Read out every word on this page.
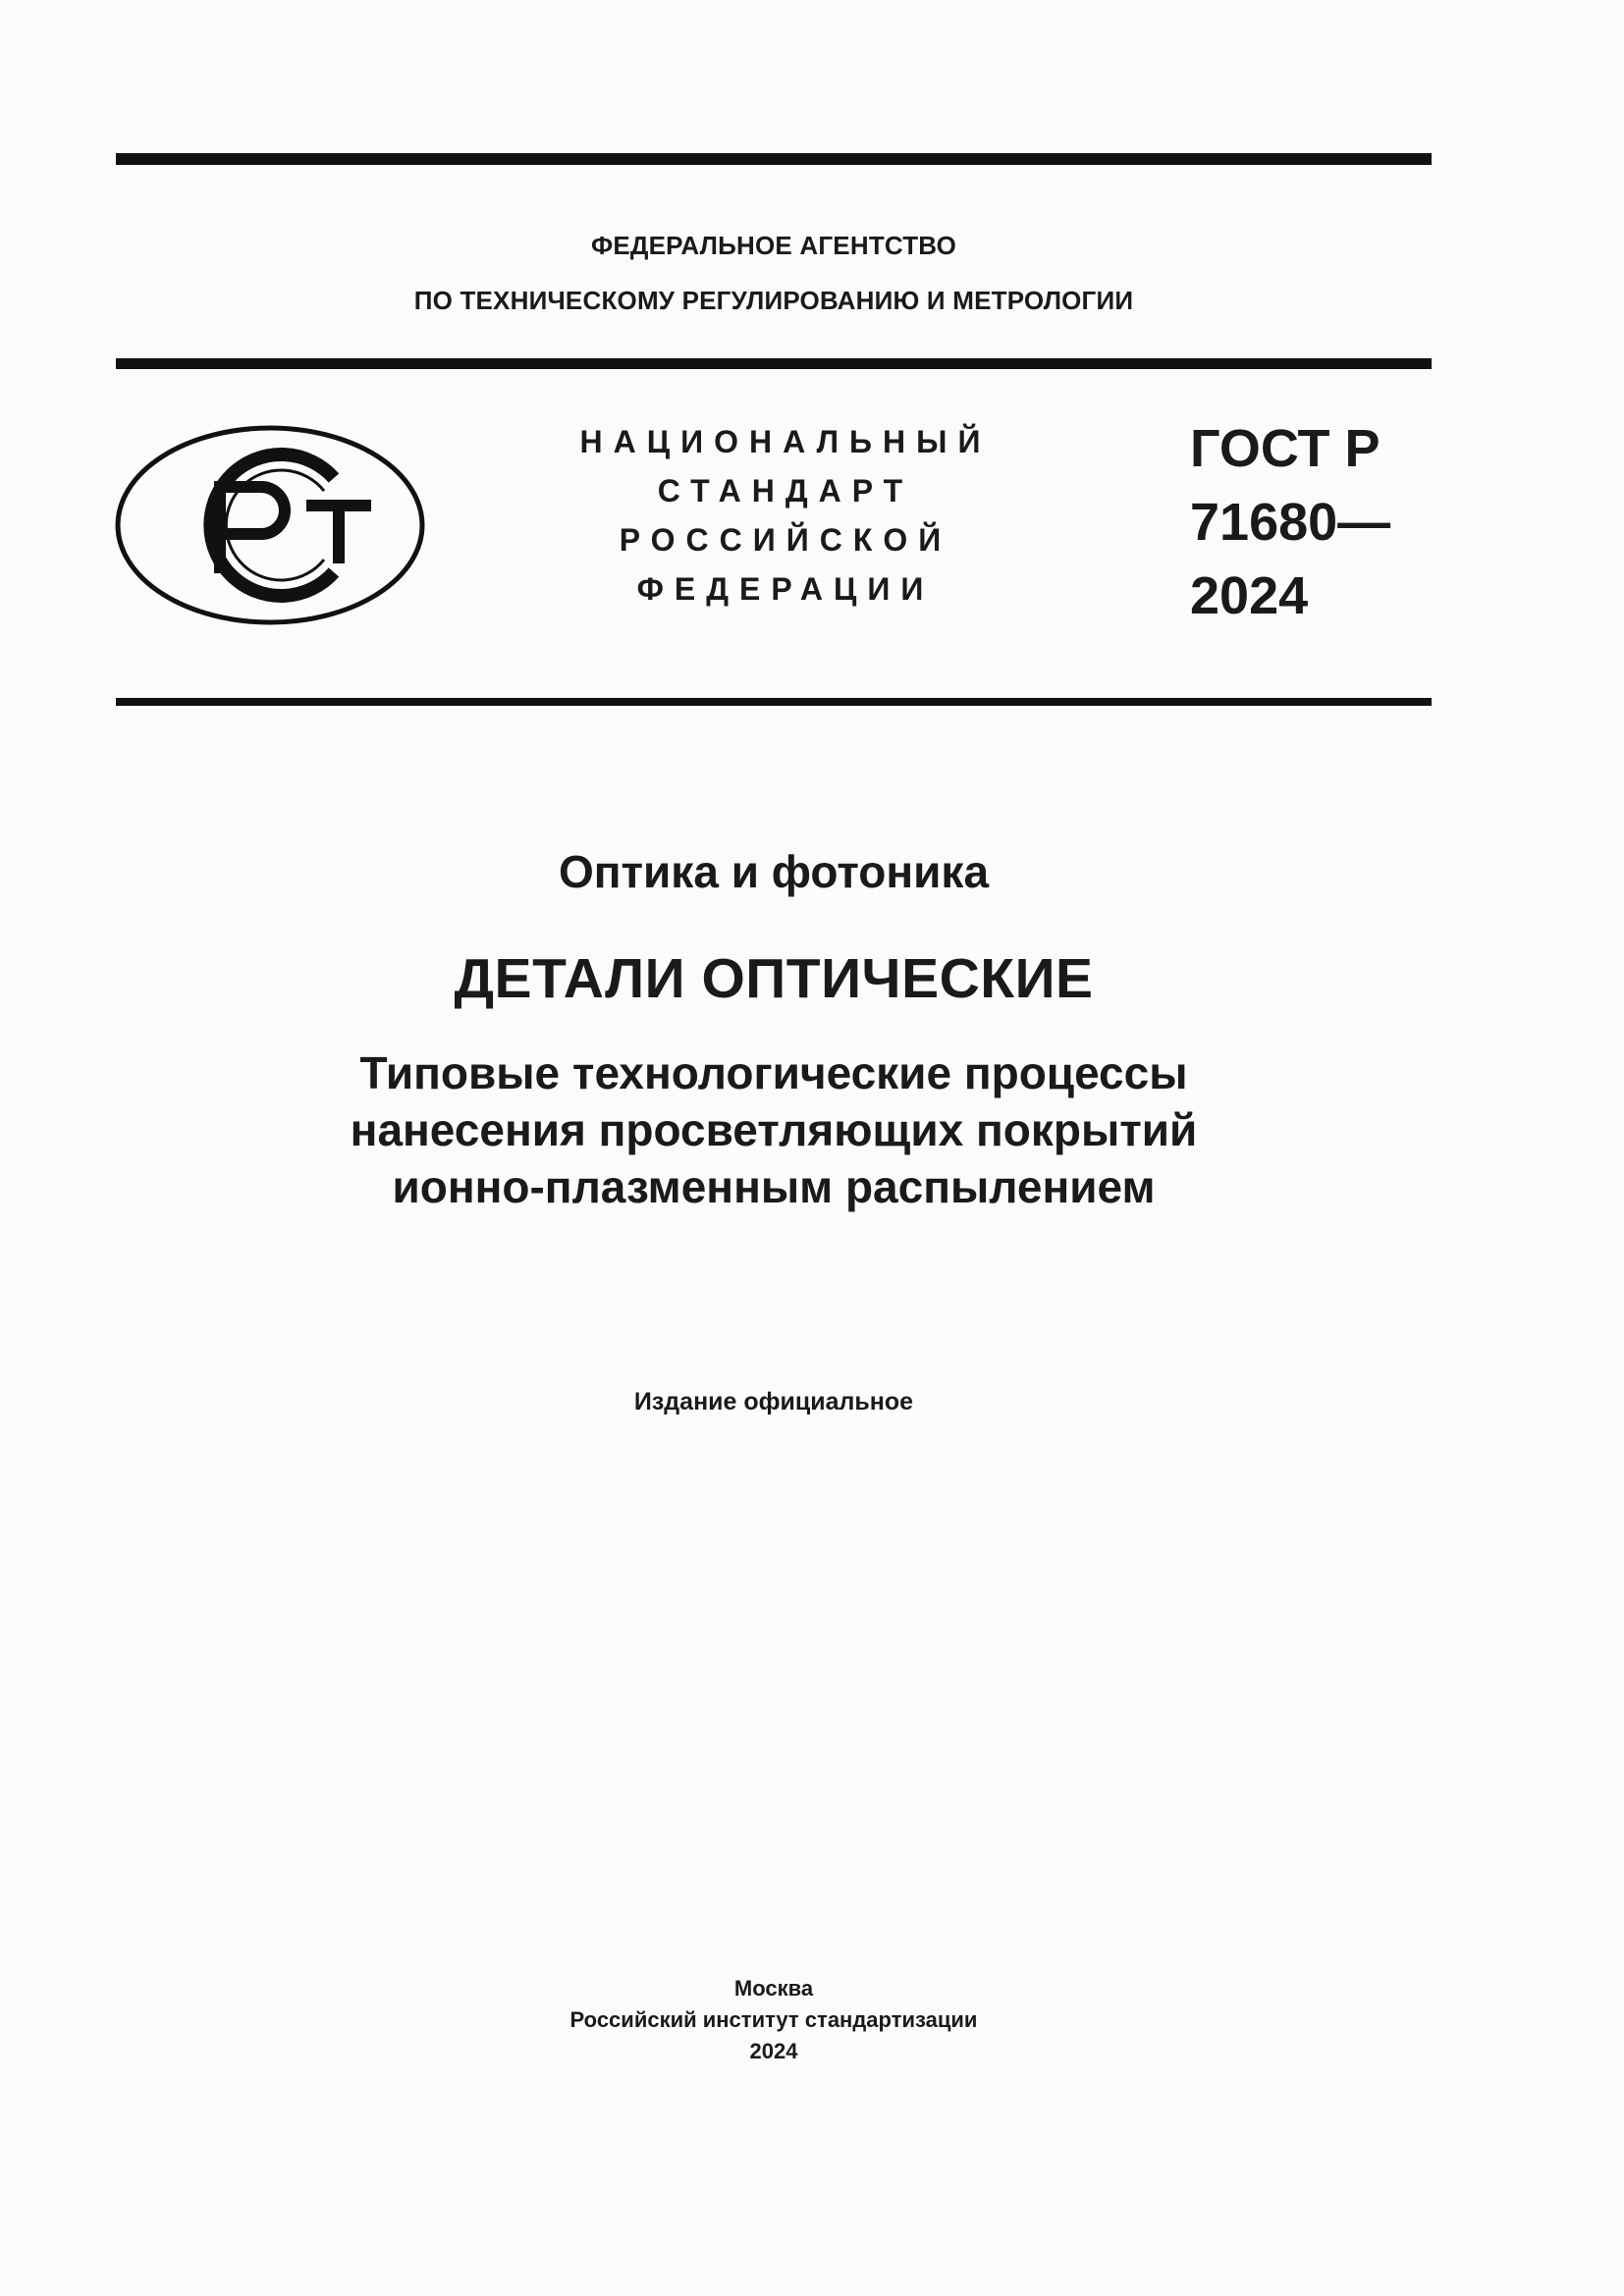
ФЕДЕРАЛЬНОЕ АГЕНТСТВО
ПО ТЕХНИЧЕСКОМУ РЕГУЛИРОВАНИЮ И МЕТРОЛОГИИ
НАЦИОНАЛЬНЫЙ
СТАНДАРТ
РОССИЙСКОЙ
ФЕДЕРАЦИИ
ГОСТ Р
71680—
2024
Оптика и фотоника
ДЕТАЛИ ОПТИЧЕСКИЕ
Типовые технологические процессы
нанесения просветляющих покрытий
ионно-плазменным распылением
Издание официальное
Москва
Российский институт стандартизации
2024
